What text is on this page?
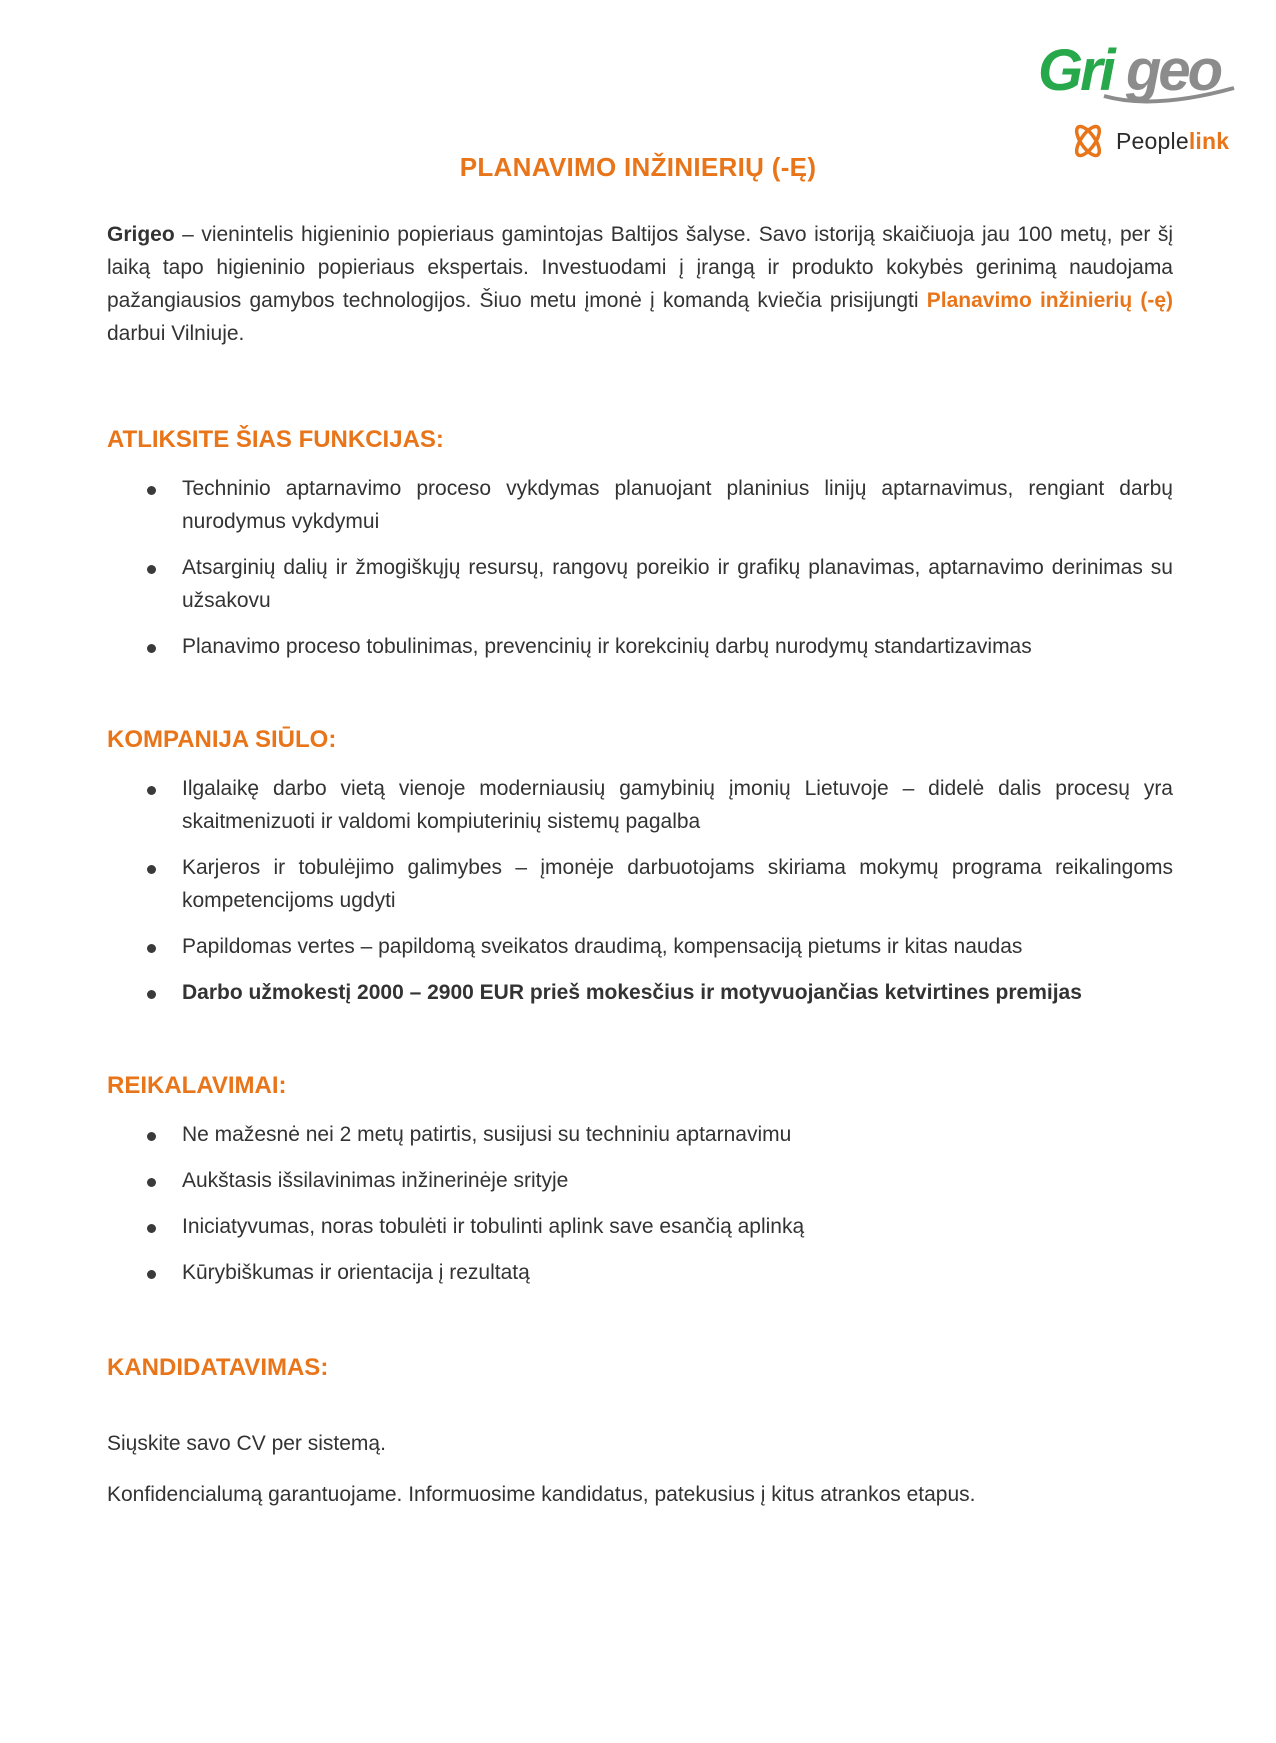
Gri geo
Peoplelink
PLANAVIMO INŽINIERIŲ (-Ę)
Grigeo – vienintelis higieninio popieriaus gamintojas Baltijos šalyse. Savo istoriją skaičiuoja jau 100 metų, per šį laiką tapo higieninio popieriaus ekspertais. Investuodami į įrangą ir produkto kokybės gerinimą naudojama pažangiausios gamybos technologijos. Šiuo metu įmonė į komandą kviečia prisijungti Planavimo inžinierių (-ę) darbui Vilniuje.
ATLIKSITE ŠIAS FUNKCIJAS:
Techninio aptarnavimo proceso vykdymas planuojant planinius linijų aptarnavimus, rengiant darbų nurodymus vykdymui
Atsarginių dalių ir žmogiškųjų resursų, rangovų poreikio ir grafikų planavimas, aptarnavimo derinimas su užsakovu
Planavimo proceso tobulinimas, prevencinių ir korekcinių darbų nurodymų standartizavimas
KOMPANIJA SIŪLO:
Ilgalaikę darbo vietą vienoje moderniausių gamybinių įmonių Lietuvoje – didelė dalis procesų yra skaitmenizuoti ir valdomi kompiuterinių sistemų pagalba
Karjeros ir tobulėjimo galimybes – įmonėje darbuotojams skiriama mokymų programa reikalingoms kompetencijoms ugdyti
Papildomas vertes – papildomą sveikatos draudimą, kompensaciją pietums ir kitas naudas
Darbo užmokestį 2000 – 2900 EUR prieš mokesčius ir motyvuojančias ketvirtines premijas
REIKALAVIMAI:
Ne mažesnė nei 2 metų patirtis, susijusi su techniniu aptarnavimu
Aukštasis išsilavinimas inžinerinėje srityje
Iniciatyvumas, noras tobulėti ir tobulinti aplink save esančią aplinką
Kūrybiškumas ir orientacija į rezultatą
KANDIDATAVIMAS:
Siųskite savo CV per sistemą.
Konfidencialumą garantuojame. Informuosime kandidatus, patekusius į kitus atrankos etapus.
